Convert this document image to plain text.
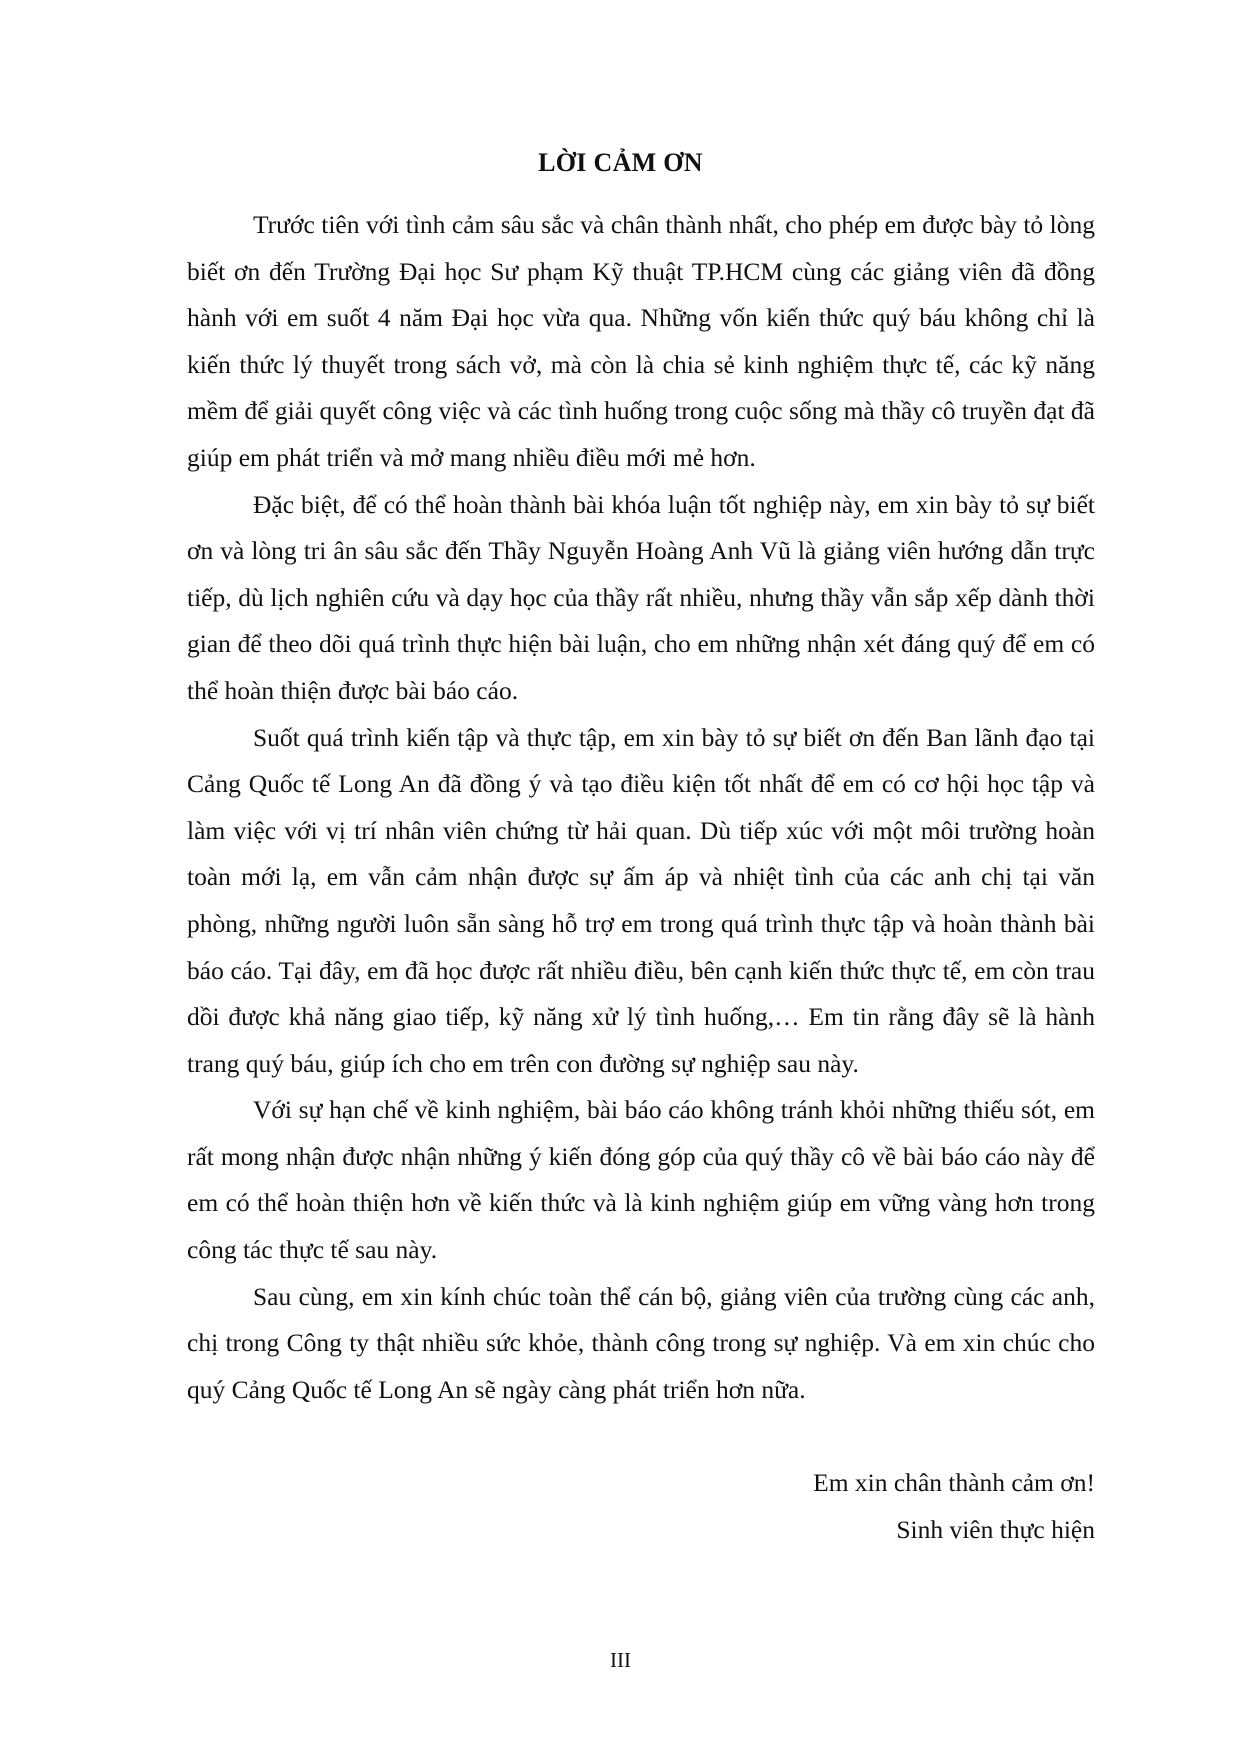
LỜI CẢM ƠN

Trước tiên với tình cảm sâu sắc và chân thành nhất, cho phép em được bày tỏ lòng biết ơn đến Trường Đại học Sư phạm Kỹ thuật TP.HCM cùng các giảng viên đã đồng hành với em suốt 4 năm Đại học vừa qua. Những vốn kiến thức quý báu không chỉ là kiến thức lý thuyết trong sách vở, mà còn là chia sẻ kinh nghiệm thực tế, các kỹ năng mềm để giải quyết công việc và các tình huống trong cuộc sống mà thầy cô truyền đạt đã giúp em phát triển và mở mang nhiều điều mới mẻ hơn.

Đặc biệt, để có thể hoàn thành bài khóa luận tốt nghiệp này, em xin bày tỏ sự biết ơn và lòng tri ân sâu sắc đến Thầy Nguyễn Hoàng Anh Vũ là giảng viên hướng dẫn trực tiếp, dù lịch nghiên cứu và dạy học của thầy rất nhiều, nhưng thầy vẫn sắp xếp dành thời gian để theo dõi quá trình thực hiện bài luận, cho em những nhận xét đáng quý để em có thể hoàn thiện được bài báo cáo.

Suốt quá trình kiến tập và thực tập, em xin bày tỏ sự biết ơn đến Ban lãnh đạo tại Cảng Quốc tế Long An đã đồng ý và tạo điều kiện tốt nhất để em có cơ hội học tập và làm việc với vị trí nhân viên chứng từ hải quan. Dù tiếp xúc với một môi trường hoàn toàn mới lạ, em vẫn cảm nhận được sự ấm áp và nhiệt tình của các anh chị tại văn phòng, những người luôn sẵn sàng hỗ trợ em trong quá trình thực tập và hoàn thành bài báo cáo. Tại đây, em đã học được rất nhiều điều, bên cạnh kiến thức thực tế, em còn trau dồi được khả năng giao tiếp, kỹ năng xử lý tình huống,… Em tin rằng đây sẽ là hành trang quý báu, giúp ích cho em trên con đường sự nghiệp sau này.

Với sự hạn chế về kinh nghiệm, bài báo cáo không tránh khỏi những thiếu sót, em rất mong nhận được nhận những ý kiến đóng góp của quý thầy cô về bài báo cáo này để em có thể hoàn thiện hơn về kiến thức và là kinh nghiệm giúp em vững vàng hơn trong công tác thực tế sau này.

Sau cùng, em xin kính chúc toàn thể cán bộ, giảng viên của trường cùng các anh, chị trong Công ty thật nhiều sức khỏe, thành công trong sự nghiệp. Và em xin chúc cho quý Cảng Quốc tế Long An sẽ ngày càng phát triển hơn nữa.

Em xin chân thành cảm ơn!
Sinh viên thực hiện
III
